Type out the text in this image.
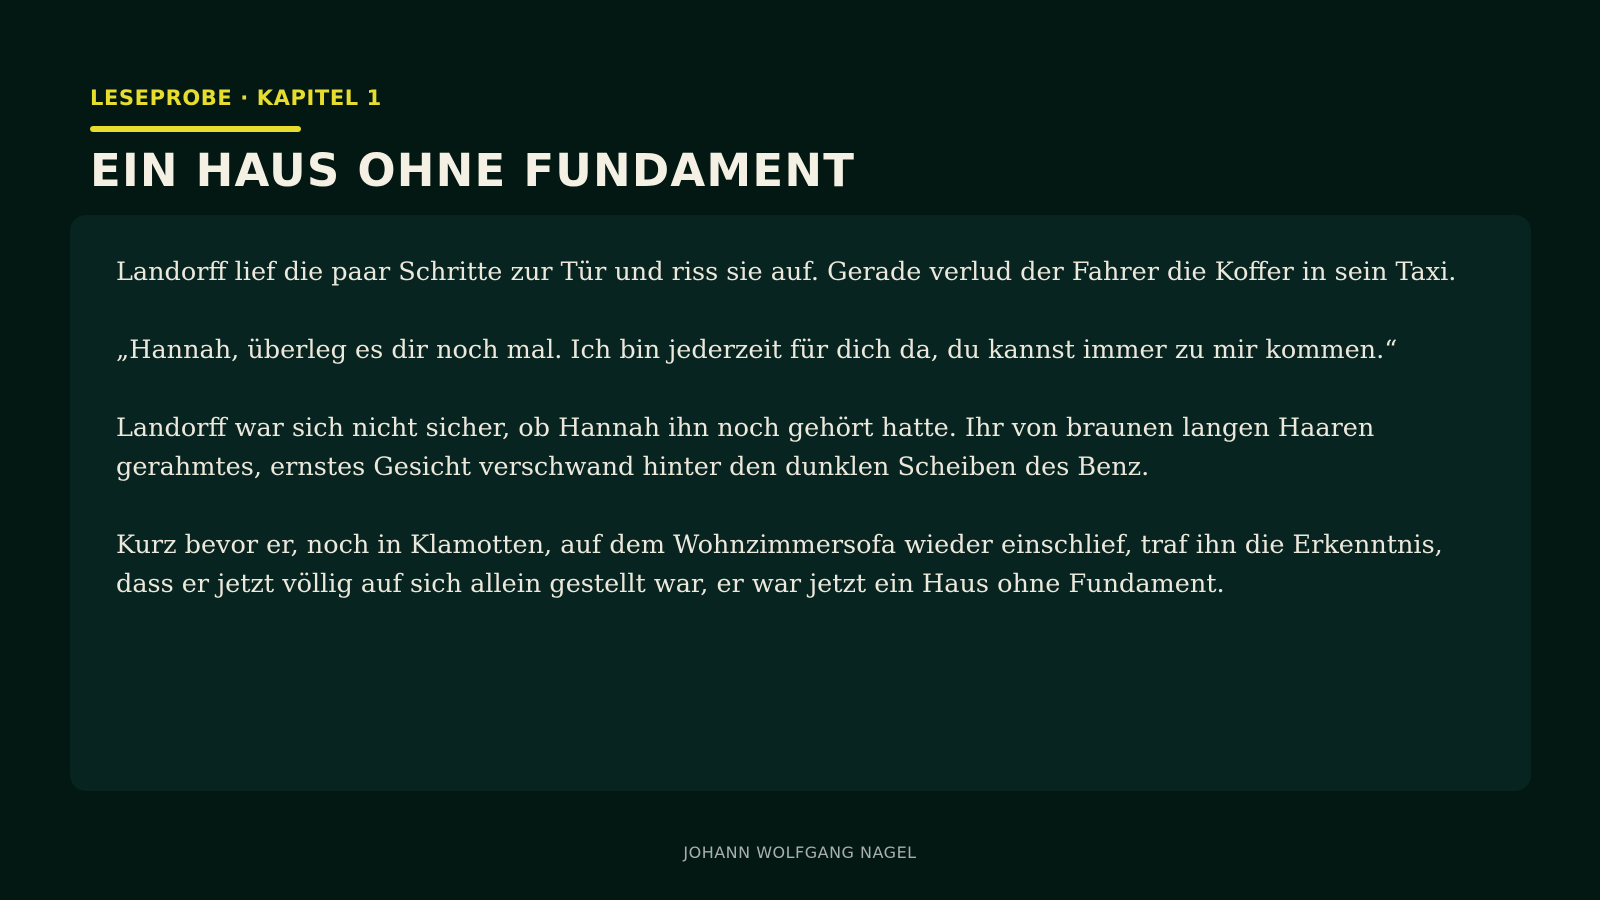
LESEPROBE · KAPITEL 1
EIN HAUS OHNE FUNDAMENT

Landorff lief die paar Schritte zur Tür und riss sie auf. Gerade verlud der Fahrer die Koffer in sein Taxi.

„Hannah, überleg es dir noch mal. Ich bin jederzeit für dich da, du kannst immer zu mir kommen.“

Landorff war sich nicht sicher, ob Hannah ihn noch gehört hatte. Ihr von braunen langen Haaren gerahmtes, ernstes Gesicht verschwand hinter den dunklen Scheiben des Benz.

Kurz bevor er, noch in Klamotten, auf dem Wohnzimmersofa wieder einschlief, traf ihn die Erkenntnis, dass er jetzt völlig auf sich allein gestellt war, er war jetzt ein Haus ohne Fundament.

JOHANN WOLFGANG NAGEL
